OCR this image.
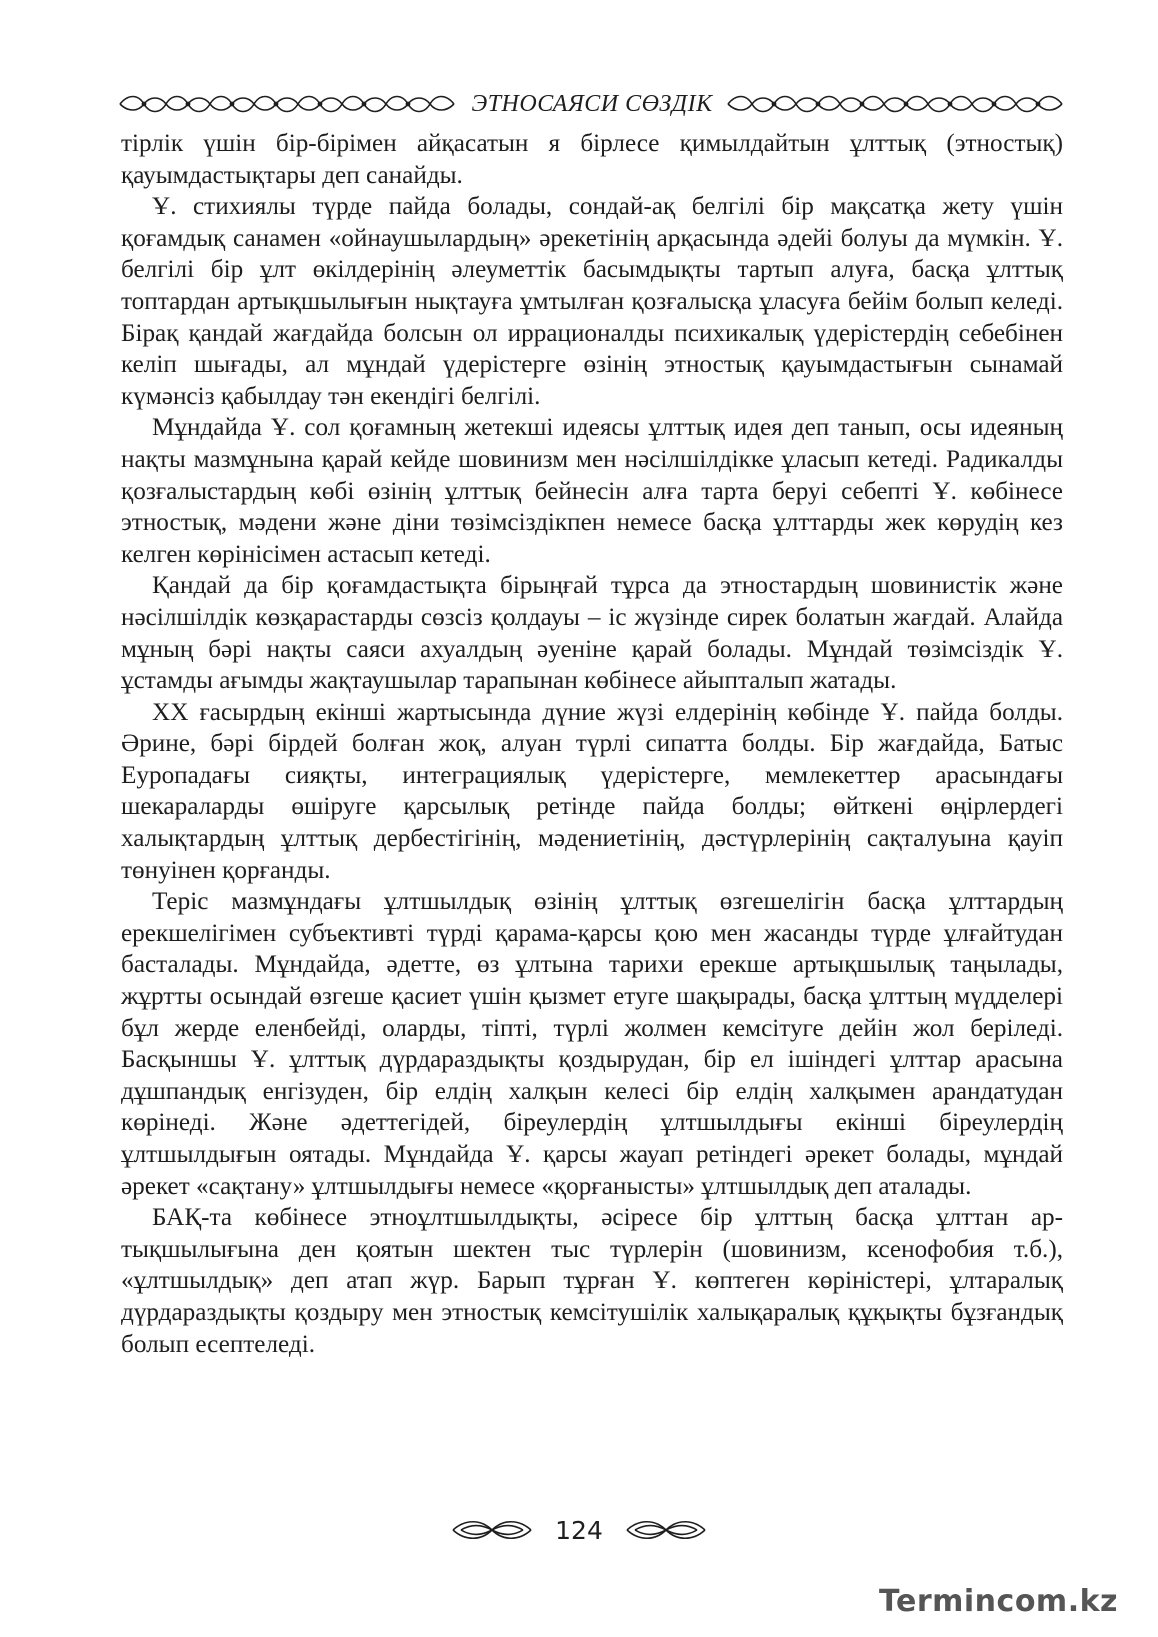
ЭТНОСАЯСИ СӨЗДІК

тірлік үшін бір-бірімен айқасатын я бірлесе қимылдайтын ұлттық (этностық) қауымдастықтары деп санайды.

Ұ. стихиялы түрде пайда болады, сондай-ақ белгілі бір мақсатқа жету үшін қоғамдық санамен «ойнаушылардың» әрекетінің арқасында әдейі болуы да мүмкін. Ұ. белгілі бір ұлт өкілдерінің әлеуметтік басымдықты тартып алуға, басқа ұлттық топтардан артықшылығын нықтауға ұмтылған қозғалысқа ұласуға бейім болып келеді. Бірақ қандай жағдайда болсын ол иррационалды психикалық үдерістердің себебінен келіп шығады, ал мұндай үдерістерге өзінің этностық қауымдастығын сынамай күмәнсіз қабылдау тән екендігі белгілі.

Мұндайда Ұ. сол қоғамның жетекші идеясы ұлттық идея деп танып, осы идеяның нақты мазмұнына қарай кейде шовинизм мен нәсілшілдікке ұласып кетеді. Радикалды қозғалыстардың көбі өзінің ұлттық бейнесін алға тарта беруі себепті Ұ. көбінесе этностық, мәдени және діни төзімсіздікпен немесе басқа ұлттарды жек көрудің кез келген көрінісімен астасып кетеді.

Қандай да бір қоғамдастықта бірыңғай тұрса да этностардың шовинистік және нәсілшілдік көзқарастарды сөзсіз қолдауы – іс жүзінде сирек болатын жағдай. Алайда мұның бәрі нақты саяси ахуалдың әуеніне қарай болады. Мұндай төзімсіздік Ұ. ұстамды ағымды жақтаушылар тарапынан көбінесе айыпталып жатады.

XX ғасырдың екінші жартысында дүние жүзі елдерінің көбінде Ұ. пайда болды. Әрине, бәрі бірдей болған жоқ, алуан түрлі сипатта болды. Бір жағдайда, Батыс Еуропадағы сияқты, интеграциялық үдерістерге, мемлекеттер арасындағы шекараларды өшіруге қарсылық ретінде пайда болды; өйткені өңірлердегі халықтардың ұлттық дербестігінің, мәдениетінің, дәстүрлерінің сақталуына қауіп төнуінен қорғанды.

Теріс мазмұндағы ұлтшылдық өзінің ұлттық өзгешелігін басқа ұлттардың ерекшелігімен субъективті түрді қарама-қарсы қою мен жасанды түрде ұлғайтудан басталады. Мұндайда, әдетте, өз ұлтына тарихи ерекше артықшылық таңылады, жұртты осындай өзгеше қасиет үшін қызмет етуге шақырады, басқа ұлттың мүдделері бұл жерде еленбейді, оларды, тіпті, түрлі жолмен кемсітуге дейін жол беріледі. Басқыншы Ұ. ұлттық дүрдараздықты қоздырудан, бір ел ішіндегі ұлттар арасына дұшпандық енгізуден, бір елдің халқын келесі бір елдің халқымен арандатудан көрінеді. Және әдеттегідей, біреулердің ұлтшылдығы екінші біреулердің ұлтшылдығын оятады. Мұндайда Ұ. қарсы жауап ретіндегі әрекет болады, мұндай әрекет «сақтану» ұлтшылдығы немесе «қорғанысты» ұлтшылдық деп аталады.

БАҚ-та көбінесе этноұлтшылдықты, әсіресе бір ұлттың басқа ұлттан артықшылығына ден қоятын шектен тыс түрлерін (шовинизм, ксенофобия т.б.), «ұлтшылдық» деп атап жүр. Барып тұрған Ұ. көптеген көріністері, ұлтаралық дүрдараздықты қоздыру мен этностық кемсітушілік халықаралық құқықты бұзғандық болып есептеледі.

124
Termincom.kz
